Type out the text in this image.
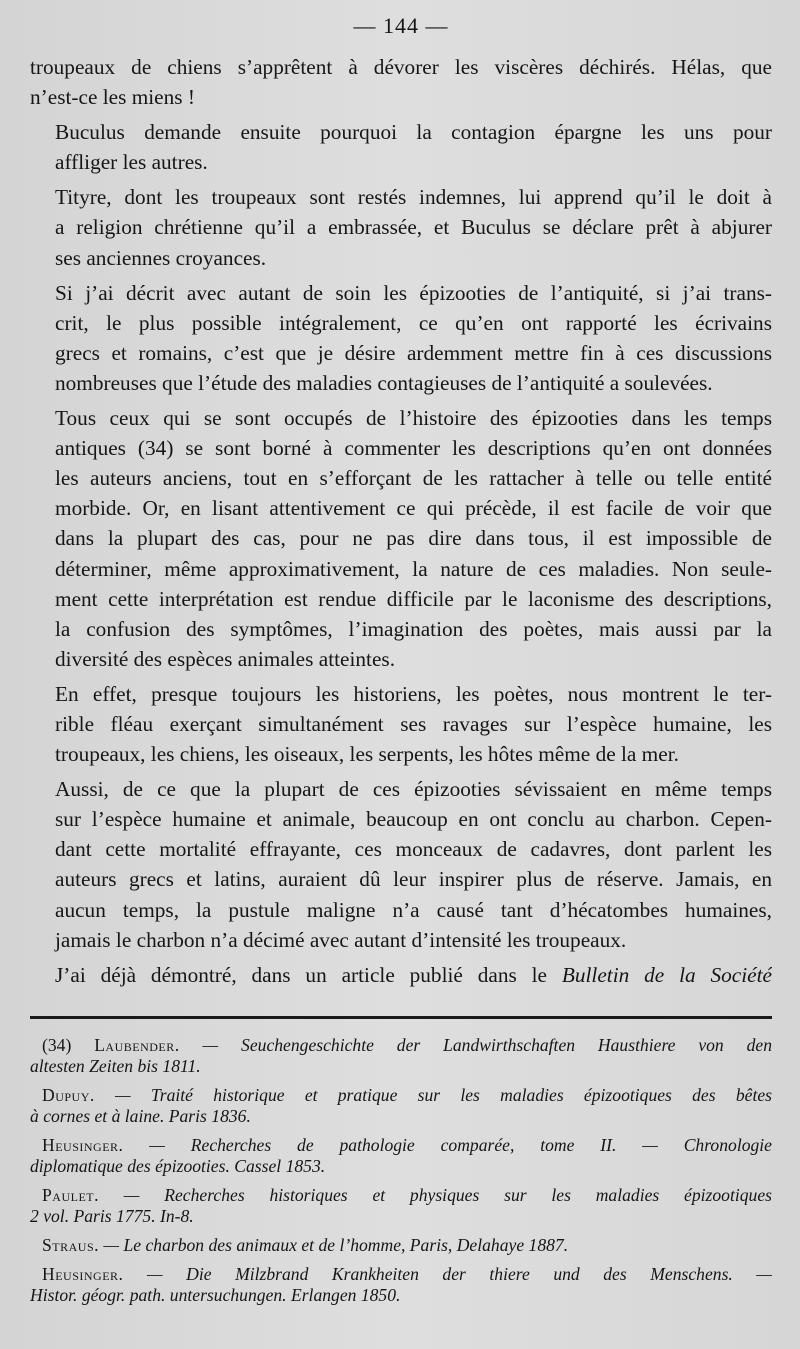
— 144 —
troupeaux de chiens s’apprêtent à dévorer les viscères déchirés. Hélas, que
n’est-ce les miens !
Buculus demande ensuite pourquoi la contagion épargne les uns pour
affliger les autres.
Tityre, dont les troupeaux sont restés indemnes, lui apprend qu’il le doit à
a religion chrétienne qu’il a embrassée, et Buculus se déclare prêt à abjurer
ses anciennes croyances.
Si j’ai décrit avec autant de soin les épizooties de l’antiquité, si j’ai trans-
crit, le plus possible intégralement, ce qu’en ont rapporté les écrivains
grecs et romains, c’est que je désire ardemment mettre fin à ces discussions
nombreuses que l’étude des maladies contagieuses de l’antiquité a soulevées.
Tous ceux qui se sont occupés de l’histoire des épizooties dans les temps
antiques (34) se sont borné à commenter les descriptions qu’en ont données
les auteurs anciens, tout en s’efforçant de les rattacher à telle ou telle entité
morbide. Or, en lisant attentivement ce qui précède, il est facile de voir que
dans la plupart des cas, pour ne pas dire dans tous, il est impossible de
déterminer, même approximativement, la nature de ces maladies. Non seule-
ment cette interprétation est rendue difficile par le laconisme des descriptions,
la confusion des symptômes, l’imagination des poètes, mais aussi par la
diversité des espèces animales atteintes.
En effet, presque toujours les historiens, les poètes, nous montrent le ter-
rible fléau exerçant simultanément ses ravages sur l’espèce humaine, les
troupeaux, les chiens, les oiseaux, les serpents, les hôtes même de la mer.
Aussi, de ce que la plupart de ces épizooties sévissaient en même temps
sur l’espèce humaine et animale, beaucoup en ont conclu au charbon. Cepen-
dant cette mortalité effrayante, ces monceaux de cadavres, dont parlent les
auteurs grecs et latins, auraient dû leur inspirer plus de réserve. Jamais, en
aucun temps, la pustule maligne n’a causé tant d’hécatombes humaines,
jamais le charbon n’a décimé avec autant d’intensité les troupeaux.
J’ai déjà démontré, dans un article publié dans le Bulletin de la Société
(34) Laubender. — Seuchengeschichte der Landwirthschaften Hausthiere von den
altesten Zeiten bis 1811.
Dupuy. — Traité historique et pratique sur les maladies épizootiques des bêtes
à cornes et à laine. Paris 1836.
Heusinger. — Recherches de pathologie comparée, tome II. — Chronologie
diplomatique des épizooties. Cassel 1853.
Paulet. — Recherches historiques et physiques sur les maladies épizootiques
2 vol. Paris 1775. In-8.
Straus. — Le charbon des animaux et de l’homme, Paris, Delahaye 1887.
Heusinger. — Die Milzbrand Krankheiten der thiere und des Menschens. —
Histor. géogr. path. untersuchungen. Erlangen 1850.
